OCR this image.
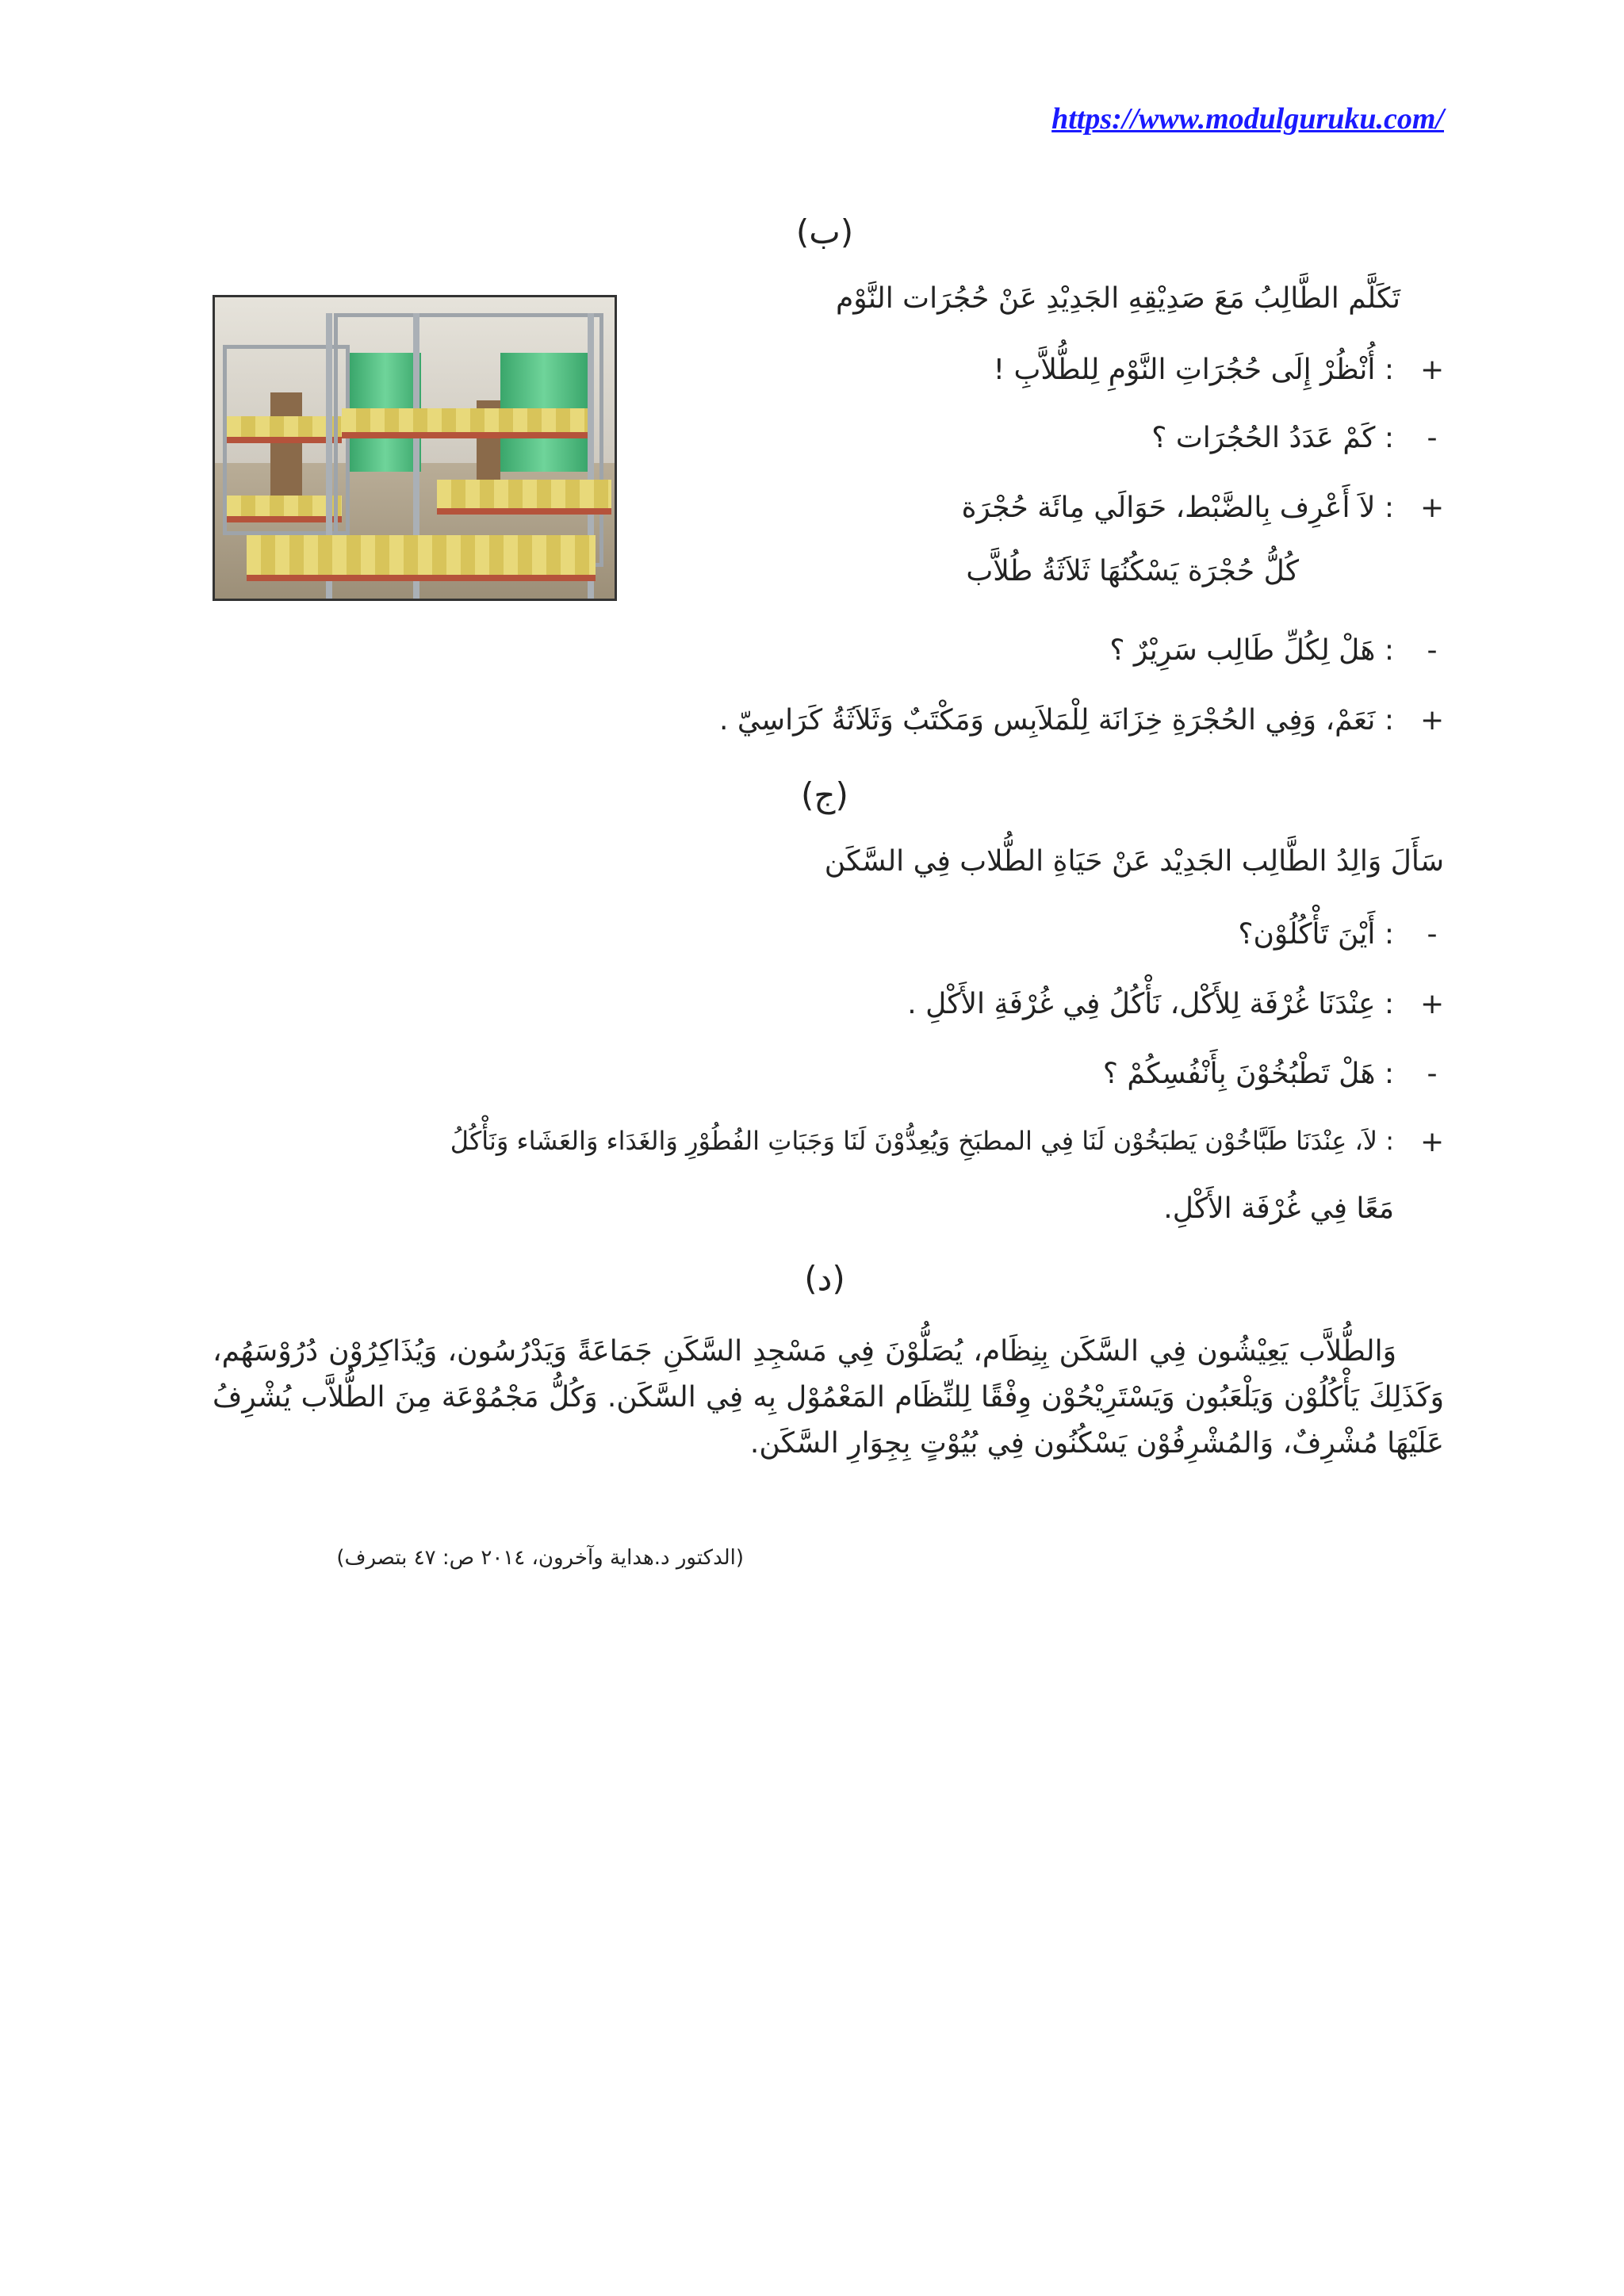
https://www.modulguruku.com/
(ب)
تَكَلَّم الطَّالِبُ مَعَ صَدِيْقِهِ الجَدِيْدِ عَنْ حُجُرَات النَّوْم
+
: أُنْظُرْ إِلَى حُجُرَاتِ النَّوْمِ لِلطُّلاَّبِ !
-
: كَمْ عَدَدُ الحُجُرَات ؟
+
: لاَ أَعْرِف بِالضَّبْط، حَوَالَي مِائَة حُجْرَة
كُلُّ حُجْرَة يَسْكُنُهَا ثَلاَثَةُ طُلاَّب
-
: هَلْ لِكُلِّ طَالِب سَرِيْرٌ ؟
+
: نَعَمْ، وَفِي الحُجْرَةِ خِزَانَة لِلْمَلاَبِس وَمَكْتَبٌ وَثَلاَثَةُ كَرَاسِيّ .
(ج)
سَأَلَ وَالِدُ الطَّالِب الجَدِيْد عَنْ حَيَاةِ الطُّلاب فِي السَّكَن
-
: أَيْنَ تَأْكُلُوْن؟
+
: عِنْدَنَا غُرْفَة لِلأَكْل، نَأْكُلُ فِي غُرْفَةِ الأَكْلِ .
-
: هَلْ تَطْبُخُوْنَ بِأَنْفُسِكُمْ ؟
+
: لاَ، عِنْدَنَا طَبَّاخُوْن يَطبَخُوْن لَنَا فِي المطبَخِ وَيُعِدُّوْنَ لَنَا وَجَبَاتِ الفُطُوْرِ وَالغَدَاء وَالعَشَاء وَنَأْكُلُ
مَعًا فِي غُرْفَة الأَكْلِ.
(د)
وَالطُّلاَّب يَعِيْشُون فِي السَّكَن بِنِظَام، يُصَلُّوْنَ فِي مَسْجِدِ السَّكَنِ جَمَاعَةً وَيَدْرُسُون، وَيُذَاكِرُوْن دُرُوْسَهُم، وَكَذَلِكَ يَأْكُلُوْن وَيَلْعَبُون وَيَسْتَرِيْحُوْن وِفْقًا لِلنِّظَام المَعْمُوْل بِه فِي السَّكَن. وَكُلُّ مَجْمُوْعَة مِنَ الطُّلاَّب يُشْرِفُ عَلَيْهَا مُشْرِفٌ، وَالمُشْرِفُوْن يَسْكُنُون فِي بُيُوْتٍ بِجِوَارِ السَّكَن.
(الدكتور د.هداية وآخرون، ٢٠١٤ ص: ٤٧ بتصرف)
